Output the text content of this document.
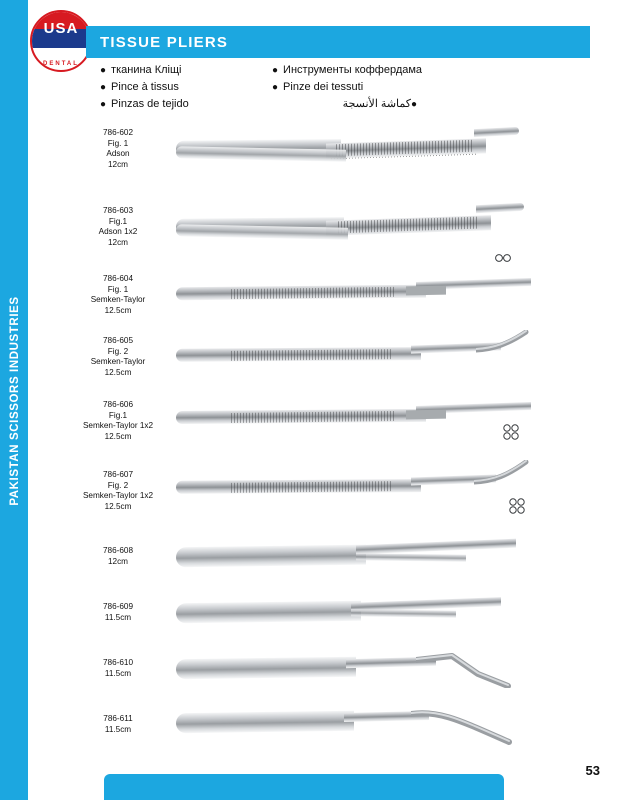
PAKISTAN SCISSORS INDUSTRIES
USA
DENTAL
TISSUE PLIERS
● тканина Кліщі
● Pince à tissus
● Pinzas de tejido
● Инструменты коффердама
● Pinze dei tessuti
●كماشة الأنسجة
786-602
Fig. 1
Adson
12cm
786-603
Fig.1
Adson 1x2
12cm
786-604
Fig. 1
Semken-Taylor
12.5cm
786-605
Fig. 2
Semken-Taylor
12.5cm
786-606
Fig.1
Semken-Taylor 1x2
12.5cm
786-607
Fig. 2
Semken-Taylor 1x2
12.5cm
786-608
12cm
786-609
11.5cm
786-610
11.5cm
786-611
11.5cm
53
